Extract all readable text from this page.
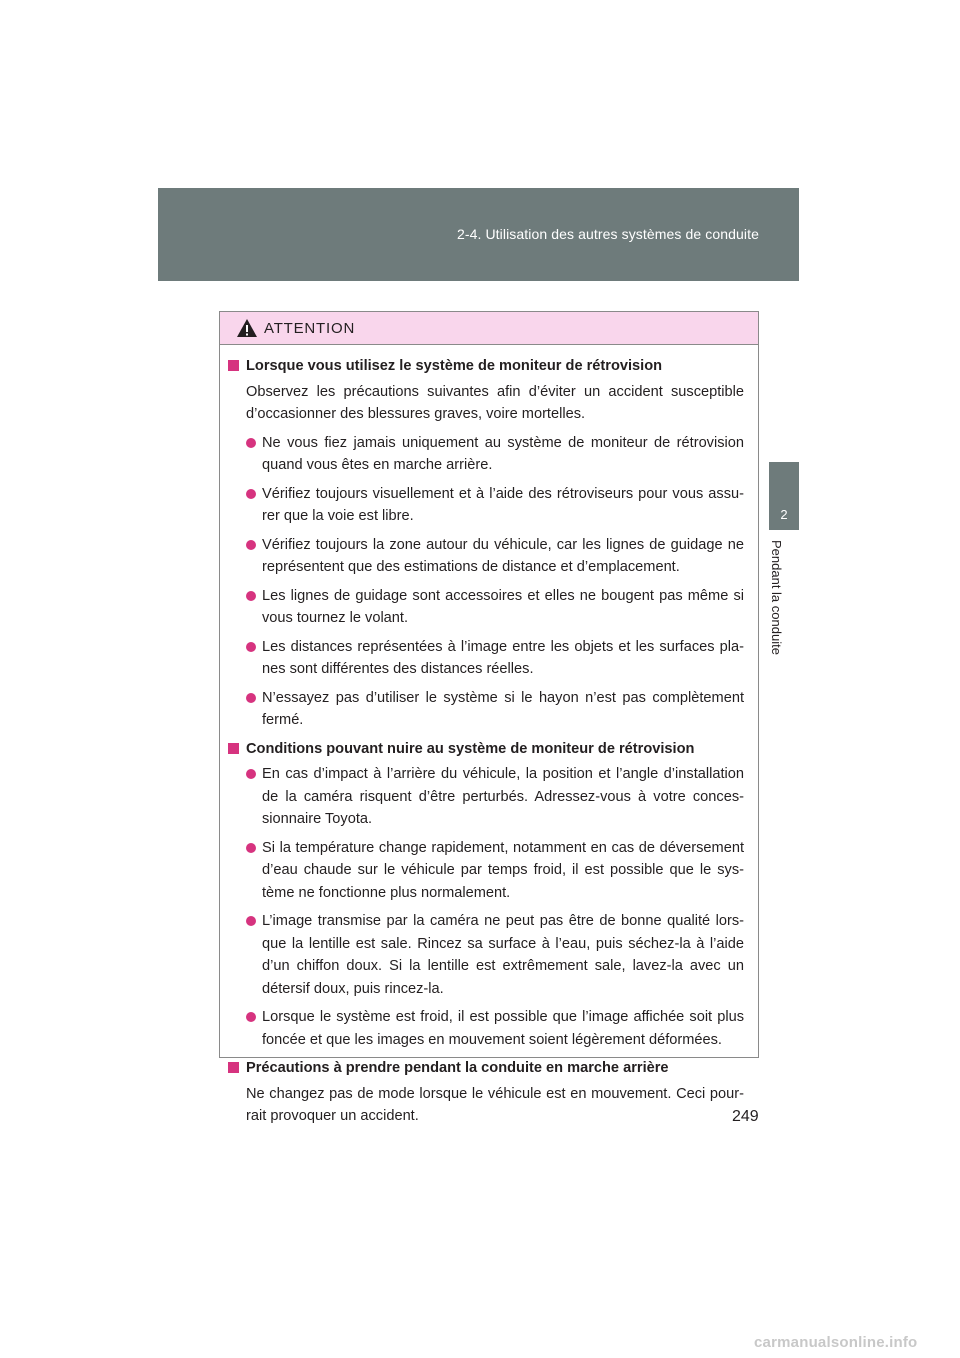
2-4. Utilisation des autres systèmes de conduite
2
Pendant la conduite
ATTENTION
Lorsque vous utilisez le système de moniteur de rétrovision
Observez les précautions suivantes afin d’éviter un accident susceptible d’occasionner des blessures graves, voire mortelles.
Ne vous fiez jamais uniquement au système de moniteur de rétrovision quand vous êtes en marche arrière.
Vérifiez toujours visuellement et à l’aide des rétroviseurs pour vous assu-rer que la voie est libre.
Vérifiez toujours la zone autour du véhicule, car les lignes de guidage ne représentent que des estimations de distance et d’emplacement.
Les lignes de guidage sont accessoires et elles ne bougent pas même si vous tournez le volant.
Les distances représentées à l’image entre les objets et les surfaces pla-nes sont différentes des distances réelles.
N’essayez pas d’utiliser le système si le hayon n’est pas complètement fermé.
Conditions pouvant nuire au système de moniteur de rétrovision
En cas d’impact à l’arrière du véhicule, la position et l’angle d’installation de la caméra risquent d’être perturbés. Adressez-vous à votre conces-sionnaire Toyota.
Si la température change rapidement, notamment en cas de déversement d’eau chaude sur le véhicule par temps froid, il est possible que le sys-tème ne fonctionne plus normalement.
L’image transmise par la caméra ne peut pas être de bonne qualité lors-que la lentille est sale. Rincez sa surface à l’eau, puis séchez-la à l’aide d’un chiffon doux. Si la lentille est extrêmement sale, lavez-la avec un détersif doux, puis rincez-la.
Lorsque le système est froid, il est possible que l’image affichée soit plus foncée et que les images en mouvement soient légèrement déformées.
Précautions à prendre pendant la conduite en marche arrière
Ne changez pas de mode lorsque le véhicule est en mouvement. Ceci pour-rait provoquer un accident.	249
carmanualsonline.info
